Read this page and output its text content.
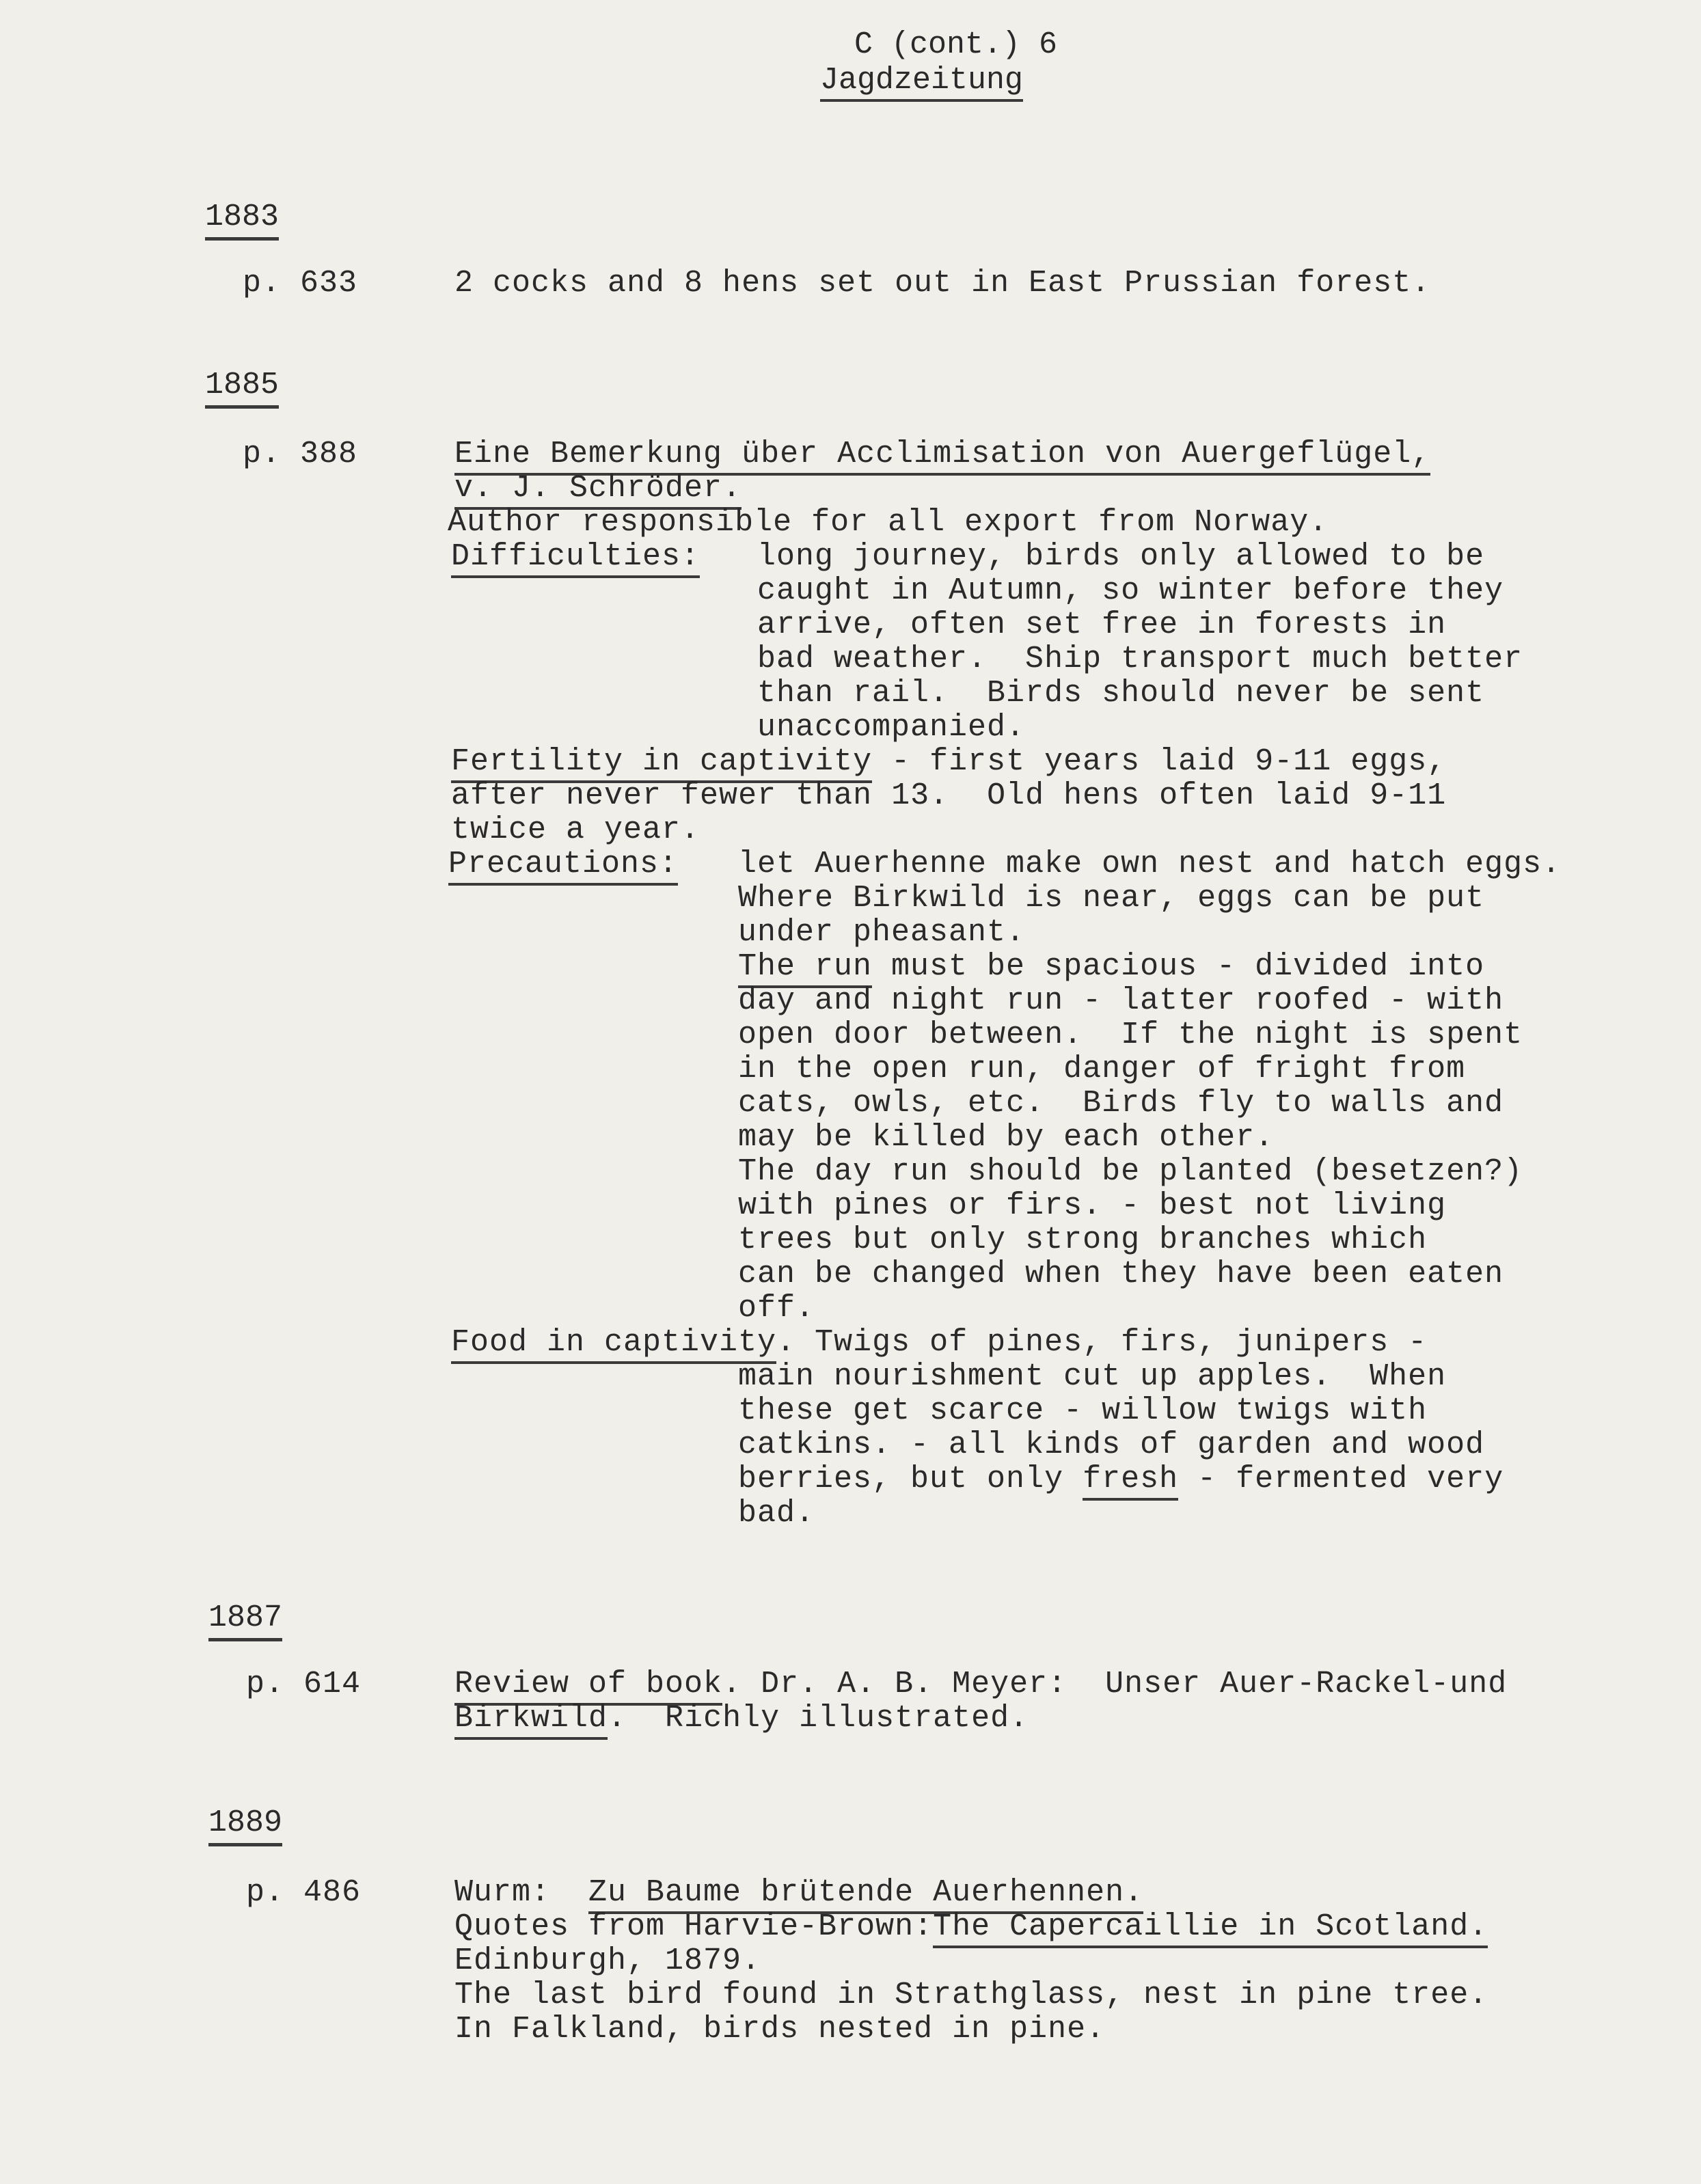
C (cont.) 6
Jagdzeitung
1883
p. 633	2 cocks and 8 hens set out in East Prussian forest.
1885
p. 388	Eine Bemerkung über Acclimisation von Auergeflügel,
v. J. Schröder.
Author responsible for all export from Norway.
Difficulties: long journey, birds only allowed to be
caught in Autumn, so winter before they
arrive, often set free in forests in
bad weather.  Ship transport much better
than rail.  Birds should never be sent
unaccompanied.
Fertility in captivity - first years laid 9-11 eggs,
after never fewer than 13.  Old hens often laid 9-11
twice a year.
Precautions: let Auerhenne make own nest and hatch eggs.
Where Birkwild is near, eggs can be put
under pheasant.
The run must be spacious - divided into
day and night run - latter roofed - with
open door between.  If the night is spent
in the open run, danger of fright from
cats, owls, etc.  Birds fly to walls and
may be killed by each other.
The day run should be planted (besetzen?)
with pines or firs. - best not living
trees but only strong branches which
can be changed when they have been eaten
off.
Food in captivity. Twigs of pines, firs, junipers -
main nourishment cut up apples.  When
these get scarce - willow twigs with
catkins. - all kinds of garden and wood
berries, but only fresh - fermented very
bad.
1887
p. 614	Review of book. Dr. A. B. Meyer:  Unser Auer-Rackel-und
Birkwild.  Richly illustrated.
1889
p. 486	Wurm:  Zu Baume brütende Auerhennen.
Quotes from Harvie-Brown:The Capercaillie in Scotland.
Edinburgh, 1879.
The last bird found in Strathglass, nest in pine tree.
In Falkland, birds nested in pine.
